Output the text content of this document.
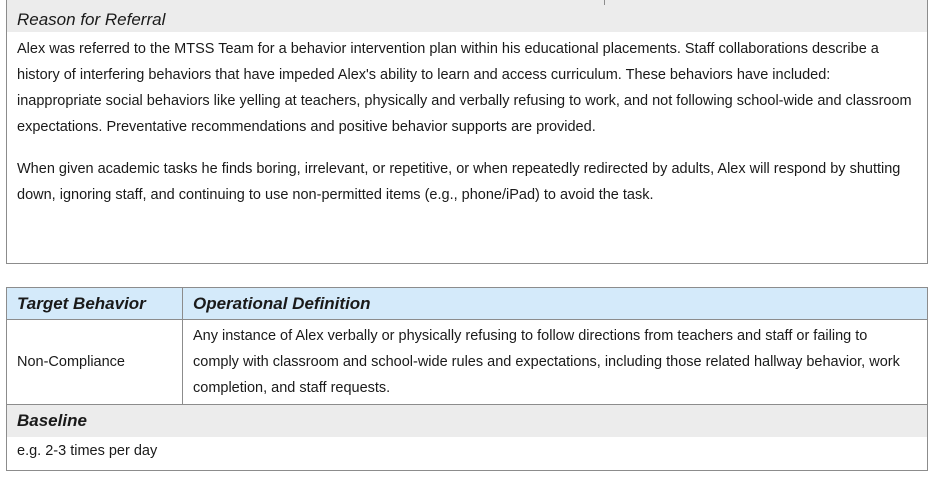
Reason for Referral

Alex was referred to the MTSS Team for a behavior intervention plan within his educational placements. Staff collaborations describe a history of interfering behaviors that have impeded Alex's ability to learn and access curriculum. These behaviors have included: inappropriate social behaviors like yelling at teachers, physically and verbally refusing to work, and not following school-wide and classroom expectations. Preventative recommendations and positive behavior supports are provided.

When given academic tasks he finds boring, irrelevant, or repetitive, or when repeatedly redirected by adults, Alex will respond by shutting down, ignoring staff, and continuing to use non-permitted items (e.g., phone/iPad) to avoid the task.

Target Behavior	Operational Definition
Non-Compliance
Any instance of Alex verbally or physically refusing to follow directions from teachers and staff or failing to comply with classroom and school-wide rules and expectations, including those related hallway behavior, work completion, and staff requests.
Baseline
e.g. 2-3 times per day
